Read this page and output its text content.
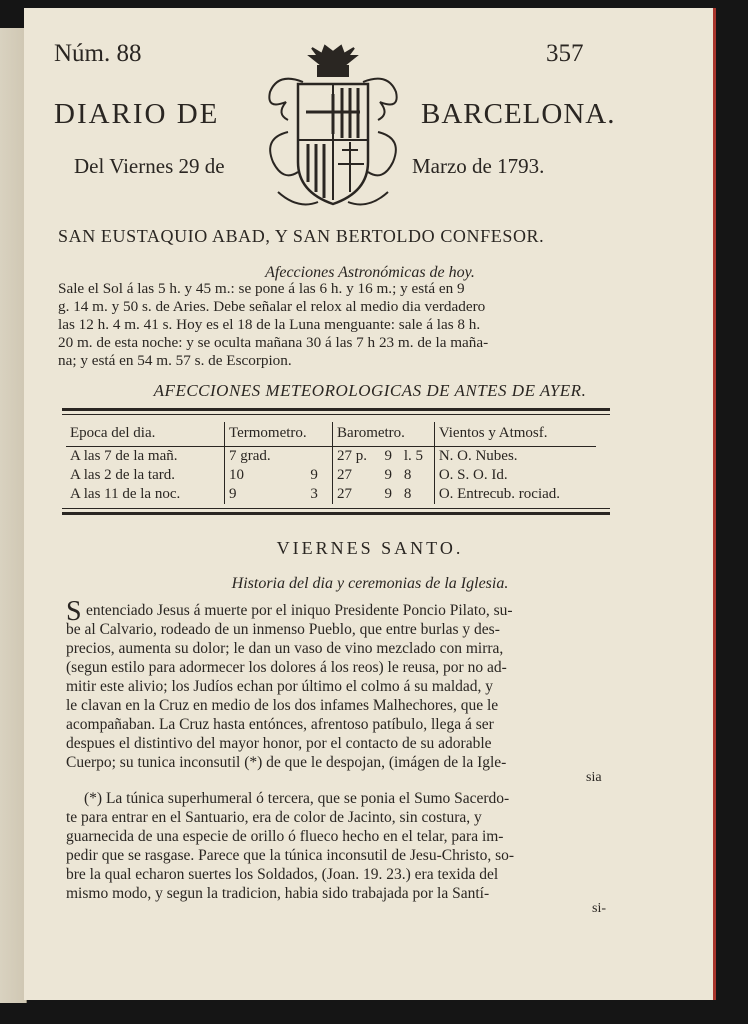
Núm. 88	357
DIARIO DE	BARCELONA.
Del Viernes 29 de	Marzo de 1793.
SAN EUSTAQUIO ABAD, Y SAN BERTOLDO CONFESOR.
Afecciones Astronómicas de hoy.
Sale el Sol á las 5 h. y 45 m.: se pone á las 6 h. y 16 m.; y está en 9
g. 14 m. y 50 s. de Aries. Debe señalar el relox al medio dia verdadero
las 12 h. 4 m. 41 s. Hoy es el 18 de la Luna menguante: sale á las 8 h.
20 m. de esta noche: y se oculta mañana 30 á las 7 h 23 m. de la maña-
na; y está en 54 m. 57 s. de Escorpion.
AFECCIONES METEOROLOGICAS DE ANTES DE AYER.
Epoca del dia.	Termometro.		Barometro.			Vientos y Atmosf.
A las 7 de la mañ.	7 grad.		27 p.	9	l. 5	N. O. Nubes.
A las 2 de la tard.	10	9	27	9	8	O. S. O. Id.
A las 11 de la noc.	9	3	27	9	8	O. Entrecub. rociad.
VIERNES SANTO.
Historia del dia y ceremonias de la Iglesia.
S entenciado Jesus á muerte por el iniquo Presidente Poncio Pilato, su-
be al Calvario, rodeado de un inmenso Pueblo, que entre burlas y des-
precios, aumenta su dolor; le dan un vaso de vino mezclado con mirra,
(segun estilo para adormecer los dolores á los reos) le reusa, por no ad-
mitir este alivio; los Judíos echan por último el colmo á su maldad, y
le clavan en la Cruz en medio de los dos infames Malhechores, que le
acompañaban. La Cruz hasta entónces, afrentoso patíbulo, llega á ser
despues el distintivo del mayor honor, por el contacto de su adorable
Cuerpo; su tunica inconsutil (*) de que le despojan, (imágen de la Igle-
sia
(*) La túnica superhumeral ó tercera, que se ponia el Sumo Sacerdo-
te para entrar en el Santuario, era de color de Jacinto, sin costura, y
guarnecida de una especie de orillo ó flueco hecho en el telar, para im-
pedir que se rasgase. Parece que la túnica inconsutil de Jesu-Christo, so-
bre la qual echaron suertes los Soldados, (Joan. 19. 23.) era texida del
mismo modo, y segun la tradicion, habia sido trabajada por la Santí-
si-
